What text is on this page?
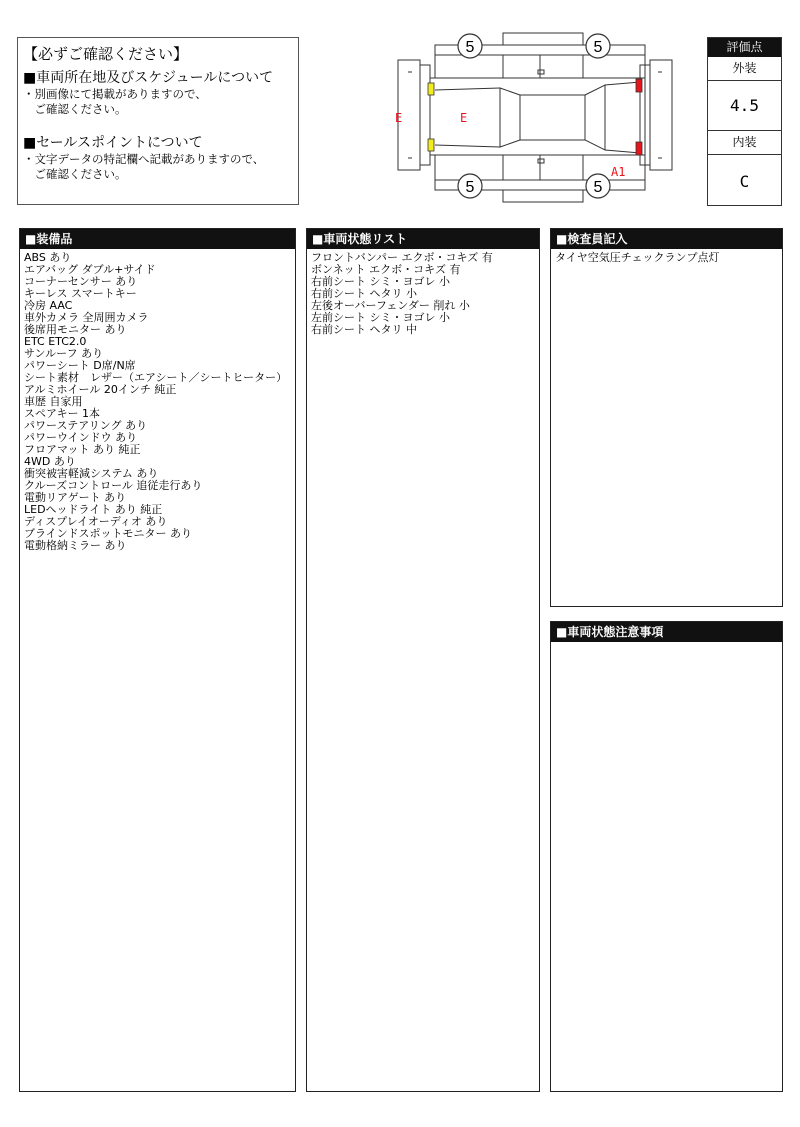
【必ずご確認ください】
■車両所在地及びスケジュールについて
・別画像にて掲載がありますので、
　ご確認ください。
■セールスポイントについて
・文字データの特記欄へ記載がありますので、
　ご確認ください。
5	5
5	5
E	E
A1
評価点
外装
4.5
内装
C
■装備品
ABS あり
エアバッグ ダブル+サイド
コーナーセンサー あり
キーレス スマートキー
冷房 AAC
車外カメラ 全周囲カメラ
後席用モニター あり
ETC ETC2.0
サンルーフ あり
パワーシート D席/N席
シート素材　レザー（エアシート／シートヒーター）
アルミホイール 20インチ 純正
車歴 自家用
スペアキー 1本
パワーステアリング あり
パワーウインドウ あり
フロアマット あり 純正
4WD あり
衝突被害軽減システム あり
クルーズコントロール 追従走行あり
電動リアゲート あり
LEDヘッドライト あり 純正
ディスプレイオーディオ あり
ブラインドスポットモニター あり
電動格納ミラー あり
■車両状態リスト
フロントバンパー エクボ・コキズ 有
ボンネット エクボ・コキズ 有
右前シート シミ・ヨゴレ 小
右前シート ヘタリ 小
左後オーバーフェンダー 削れ 小
左前シート シミ・ヨゴレ 小
右前シート ヘタリ 中
■検査員記入
タイヤ空気圧チェックランプ点灯
■車両状態注意事項
